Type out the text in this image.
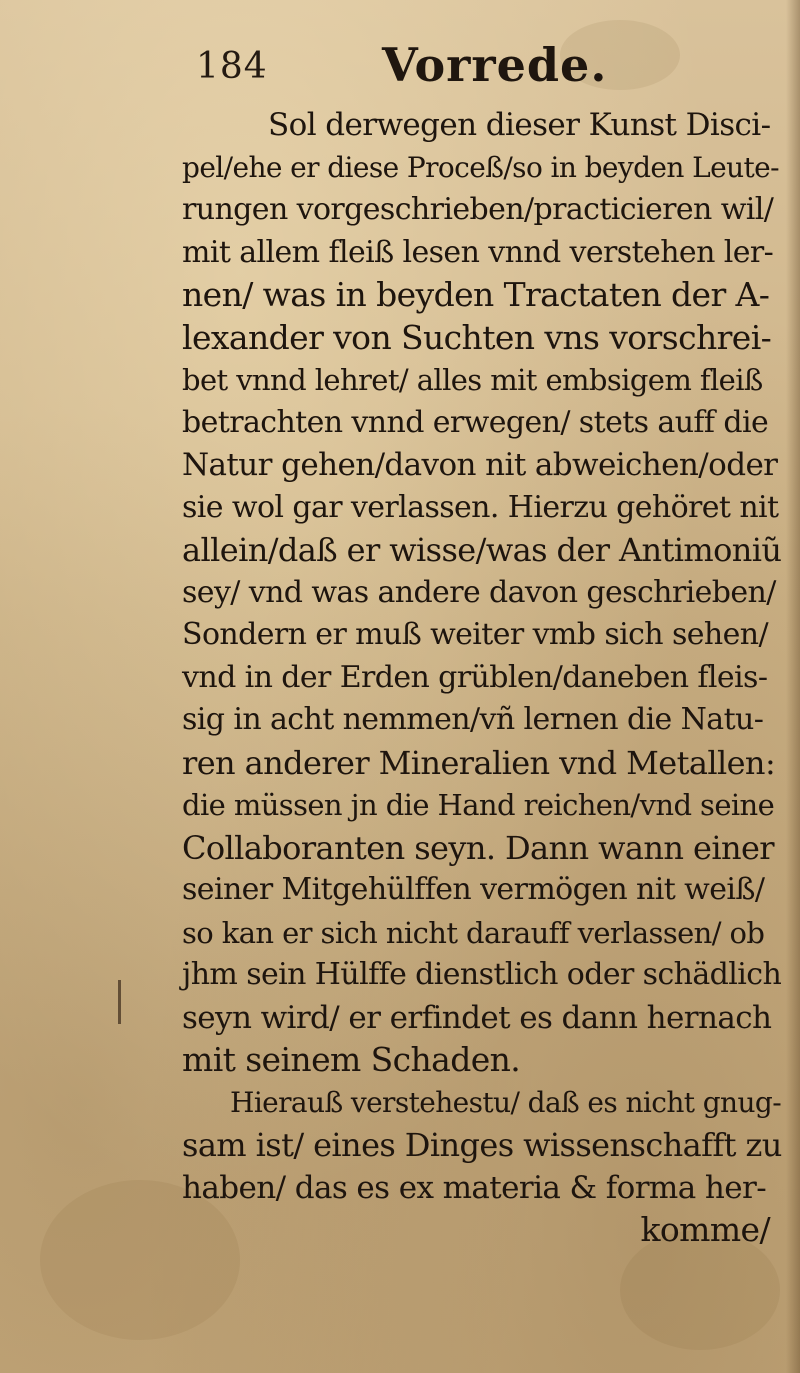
184 Vorrede.
Sol derwegen dieser Kunst Disci-
pel/ehe er diese Proceß/so in beyden Leute-
rungen vorgeschrieben/practicieren wil/
mit allem fleiß lesen vnnd verstehen ler-
nen/ was in beyden Tractaten der A-
lexander von Suchten vns vorschrei-
bet vnnd lehret/ alles mit embsigem fleiß
betrachten vnnd erwegen/ stets auff die
Natur gehen/davon nit abweichen/oder
sie wol gar verlassen. Hierzu gehöret nit
allein/daß er wisse/was der Antimoniũ
sey/ vnd was andere davon geschrieben/
Sondern er muß weiter vmb sich sehen/
vnd in der Erden grüblen/daneben fleis-
sig in acht nemmen/vñ lernen die Natu-
ren anderer Mineralien vnd Metallen:
die müssen jn die Hand reichen/vnd seine
Collaboranten seyn. Dann wann einer
seiner Mitgehülffen vermögen nit weiß/
so kan er sich nicht darauff verlassen/ ob
jhm sein Hülffe dienstlich oder schädlich
seyn wird/ er erfindet es dann hernach
mit seinem Schaden.
Hierauß verstehestu/ daß es nicht gnug-
sam ist/ eines Dinges wissenschafft zu
haben/ das es ex materia & forma her-
komme/
